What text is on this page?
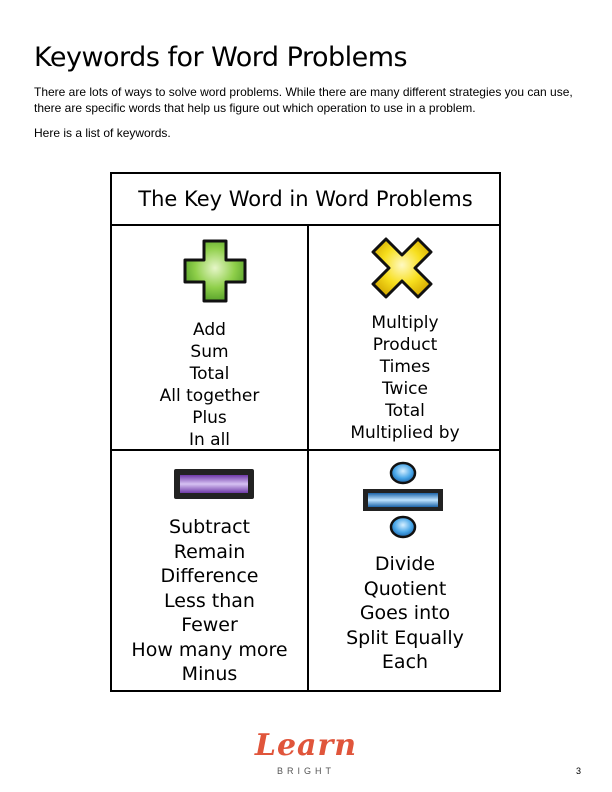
Keywords for Word Problems

There are lots of ways to solve word problems. While there are many different strategies you can use, there are specific words that help us figure out which operation to use in a problem.

Here is a list of keywords.

The Key Word in Word Problems
Add
Sum
Total
All together
Plus
In all
Multiply
Product
Times
Twice
Total
Multiplied by
Subtract
Remain
Difference
Less than
Fewer
How many more
Minus
Divide
Quotient
Goes into
Split Equally
Each
Learn
BRIGHT	3
